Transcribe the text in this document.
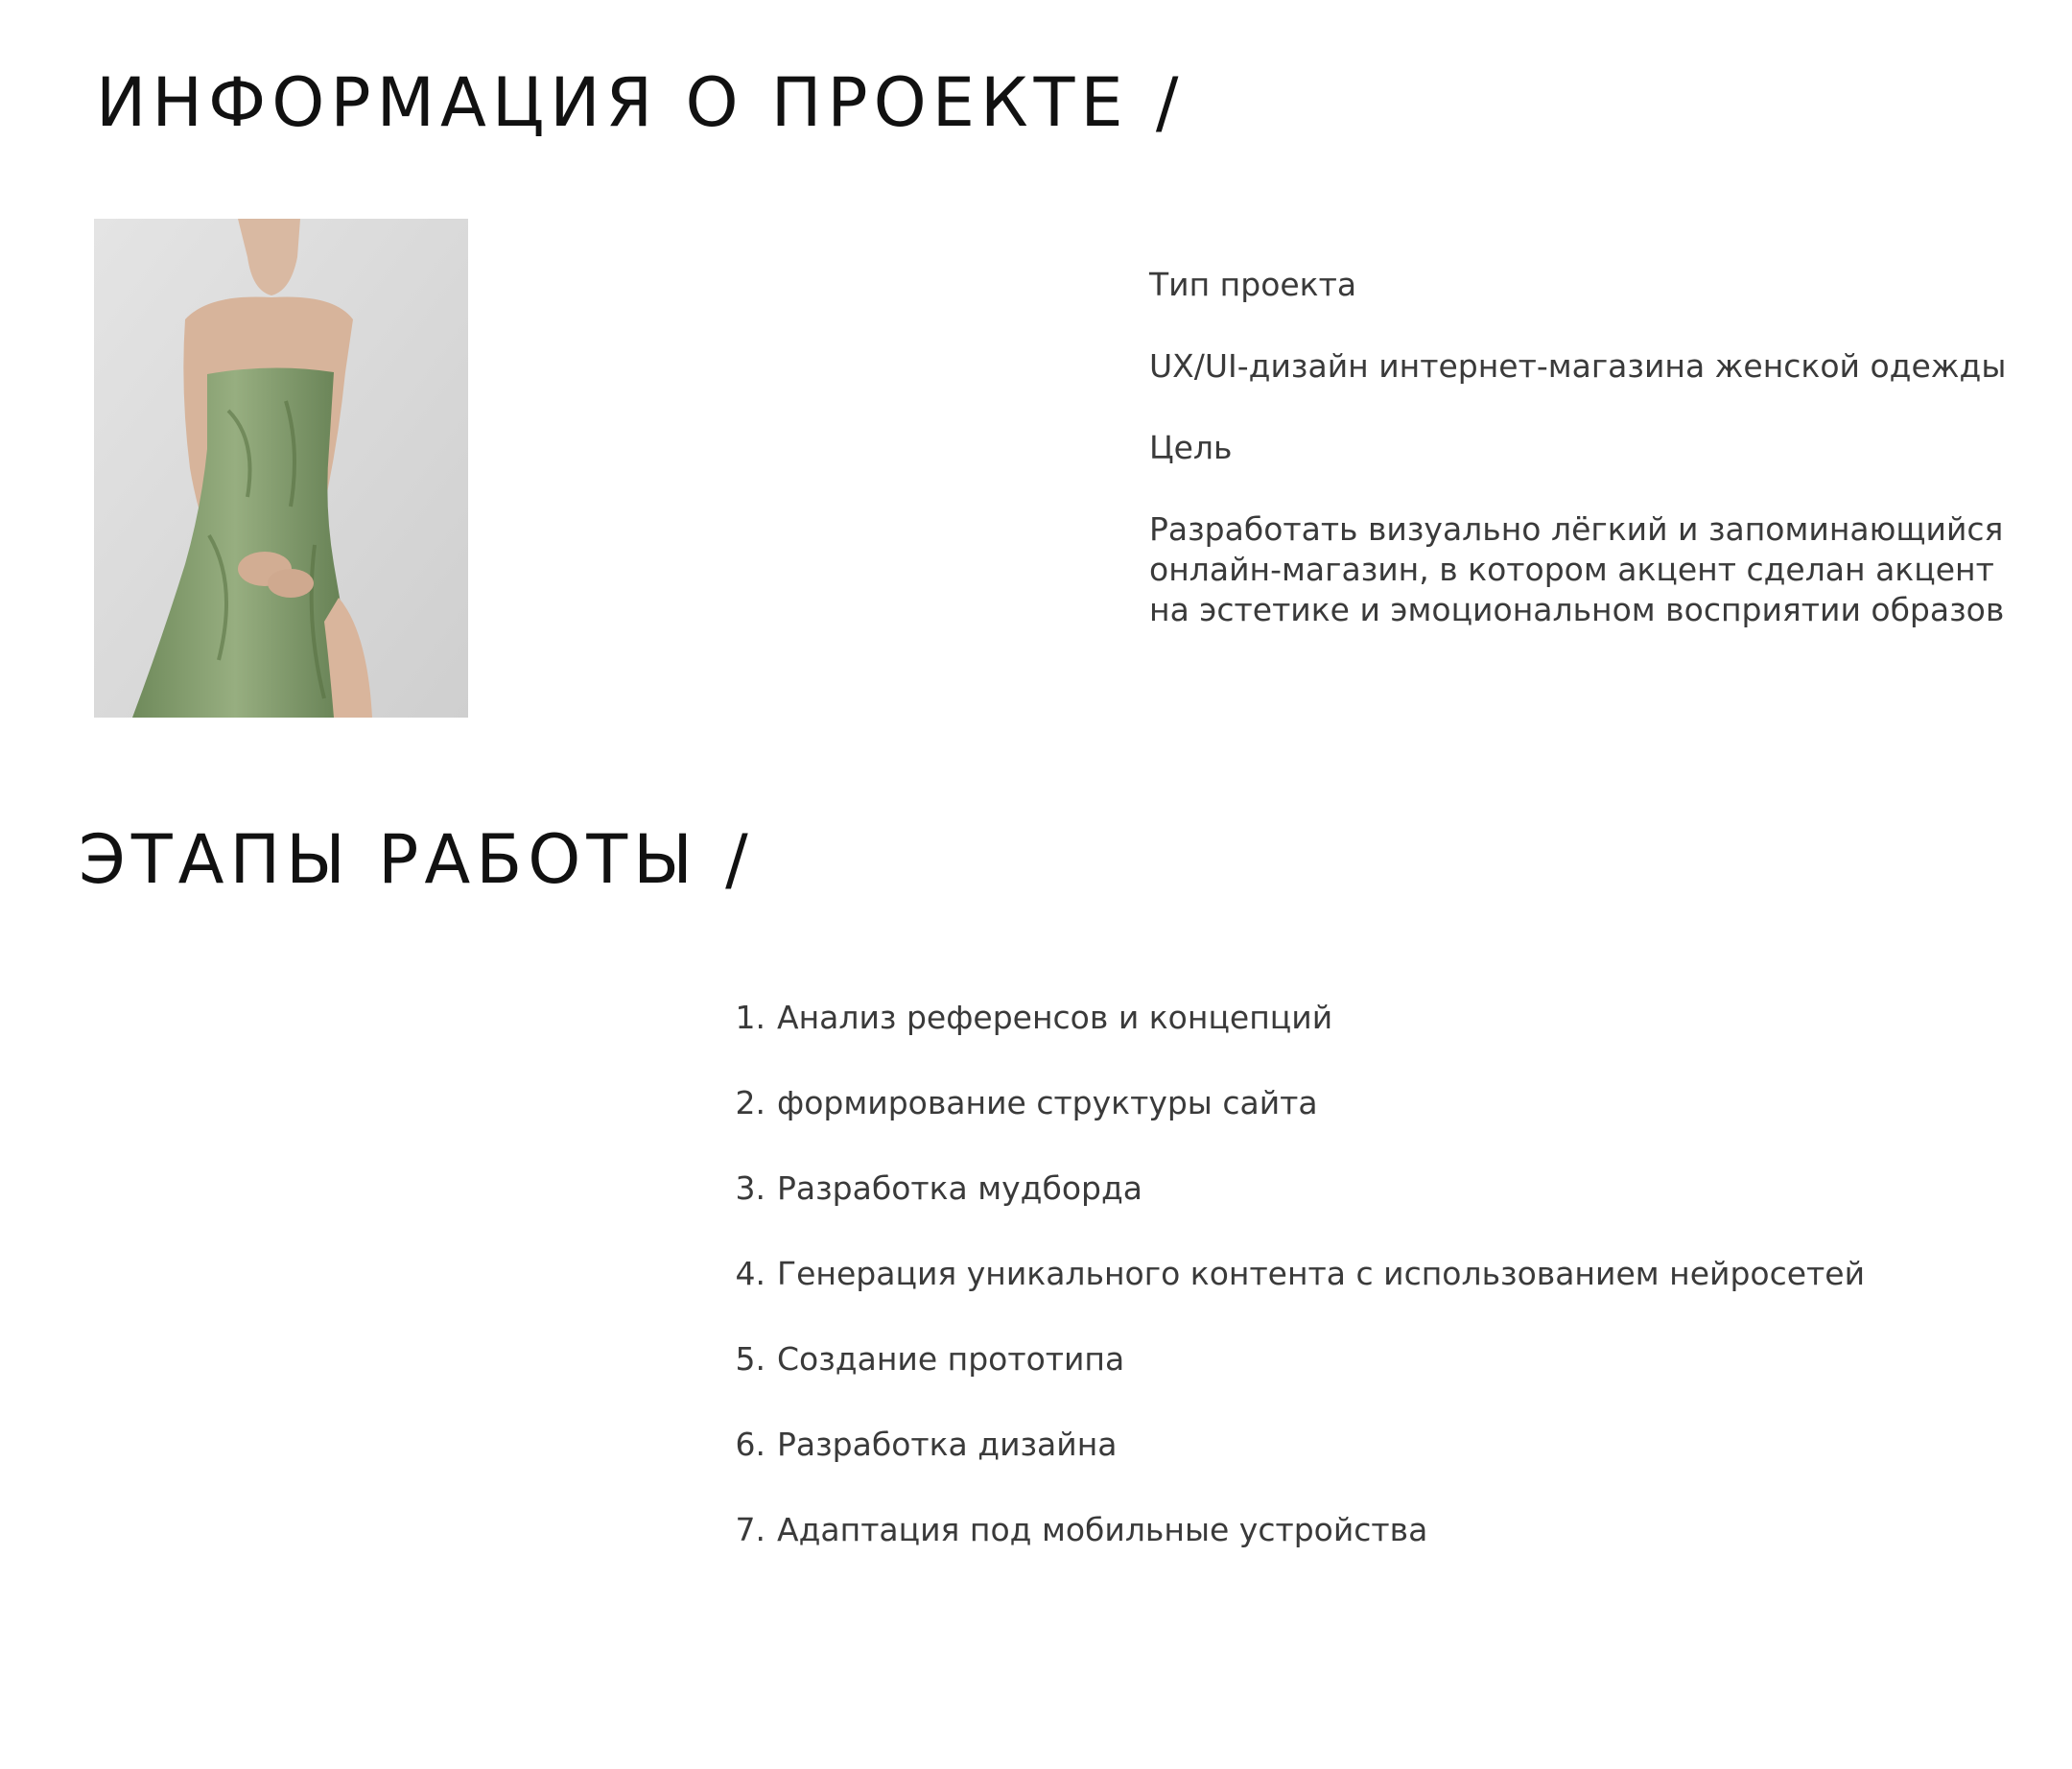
ИНФОРМАЦИЯ О ПРОЕКТЕ /

Тип проекта

UX/UI-дизайн интернет-магазина женской одежды

Цель

Разработать визуально лёгкий и запоминающийся онлайн-магазин, в котором акцент сделан акцент на эстетике и эмоциональном восприятии образов

ЭТАПЫ РАБОТЫ /
1. Анализ референсов и концепций
2. формирование структуры сайта
3. Разработка мудборда
4. Генерация уникального контента с использованием нейросетей
5. Создание прототипа
6. Разработка дизайна
7. Адаптация под мобильные устройства
